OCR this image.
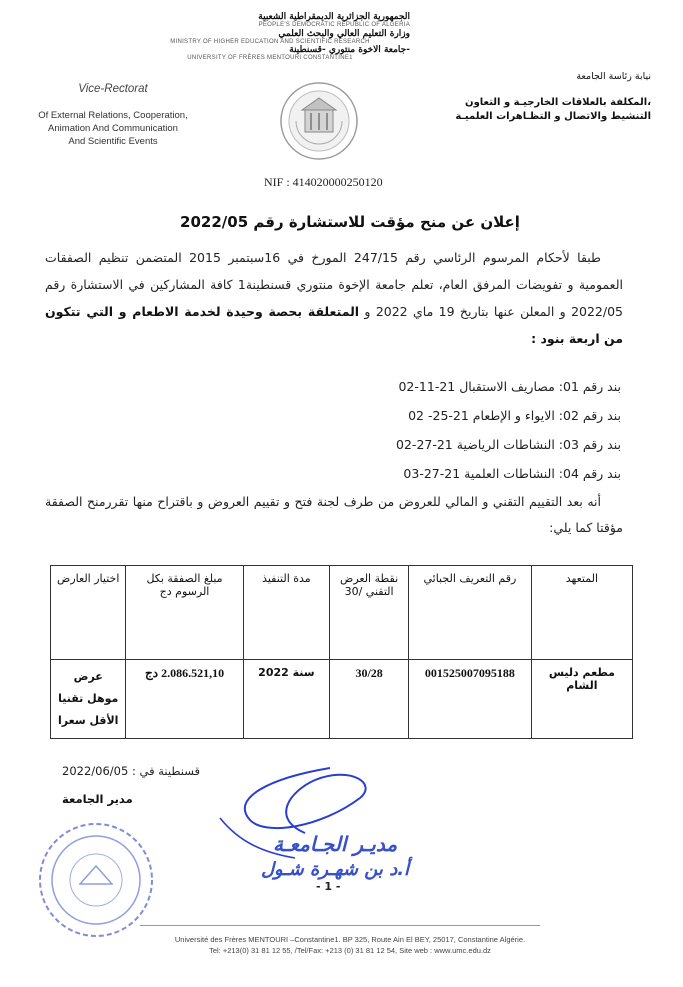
الجمهورية الجزائرية الديمقراطية الشعبية
PEOPLE'S DEMOCRATIC REPUBLIC OF ALGERIA
وزارة التعليم العالي والبحث العلمي
MINISTRY OF HIGHER EDUCATION AND SCIENTIFIC RESEARCH
جامعة الاخوة منتوري -قسنطينة-
UNIVERSITY OF FRÈRES MENTOURI CONSTANTINE1
Vice-Rectorat
Of External Relations, Cooperation,
Animation And Communication
And Scientific Events
نيابة رئاسة الجامعة
المكلفة بالعلاقات الخارجيـة و التعاون،
التنشيط والاتصال و التظـاهرات العلميـة
NIF : 414020000250120
إعلان عن منح مؤقت للاستشارة رقم 2022/05
طبقا لأحكام المرسوم الرئاسي رقم 247/15 المورخ في 16سبتمبر 2015 المتضمن تنظيم الصفقات العمومية و تفويضات المرفق العام، تعلم جامعة الإخوة منتوري قسنطينة1 كافة المشاركين في الاستشارة رقم 2022/05 و المعلن عنها بتاريخ 19 ماي 2022 و المتعلقة بحصة وحيدة لخدمة الاطعام و التي تتكون من اربعة بنود :
بند رقم 01: مصاريف الاستقبال 21-11-02
بند رقم 02: الايواء و الإطعام 21-25- 02
بند رقم 03: النشاطات الرياضية 21-27-02
بند رقم 04: النشاطات العلمية 21-27-03
أنه بعد التقييم التقني و المالي للعروض من طرف لجنة فتح و تقييم العروض و باقتراح منها تقررمنح الصفقة مؤقتا كما يلي:
المتعهد	رقم التعريف الجبائي	نقطة العرض التقني /30	مدة التنفيذ	مبلغ الصفقة بكل الرسوم دج	اختيار العارض
مطعم دليس الشام	001525007095188	30/28	سنة 2022	2.086.521,10 دج	عرض موهل تقنيا
الأقل سعرا
قسنطينة في : 2022/06/05
مدير الجامعة
مديـر الجـامعـة
أ.د بن شهـرة شـول
- 1 -
Université des Frères MENTOURI –Constantine1. BP 325, Route Ain El BEY, 25017, Constantine Algérie.
Tel: +213(0) 31 81 12 55, /Tel/Fax: +213 (0) 31 81 12 54, Site web : www.umc.edu.dz
